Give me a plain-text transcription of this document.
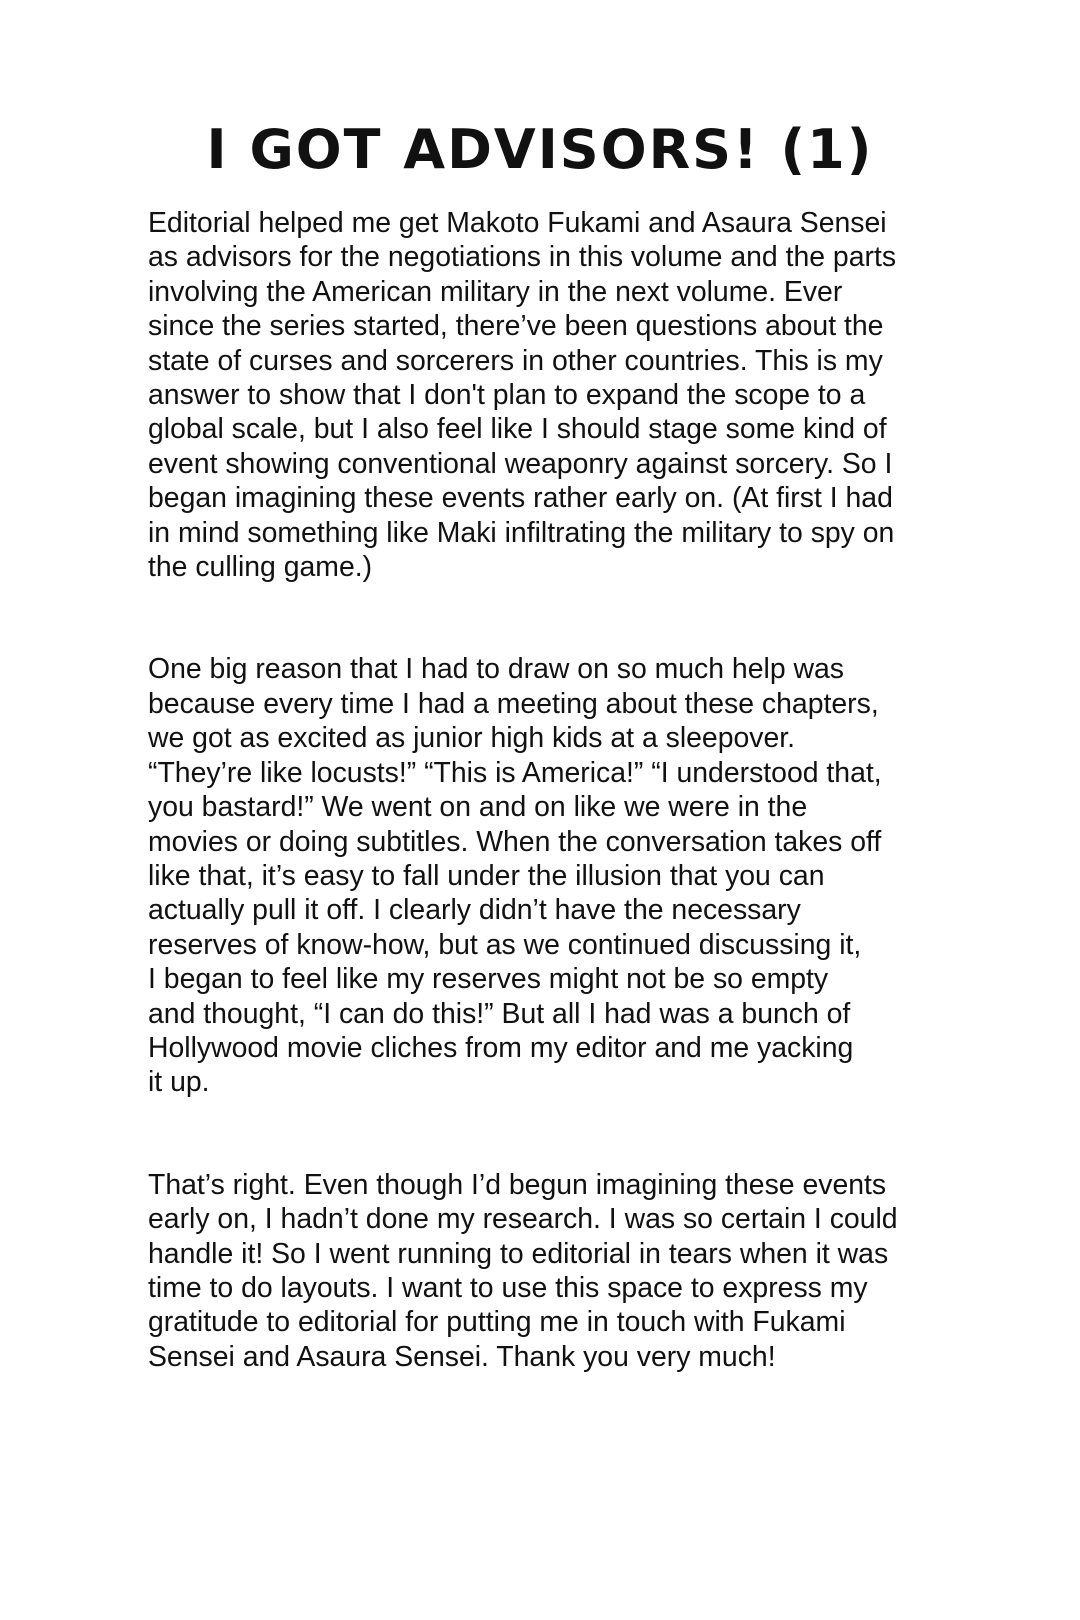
I GOT ADVISORS! (1)

Editorial helped me get Makoto Fukami and Asaura Sensei
as advisors for the negotiations in this volume and the parts
involving the American military in the next volume. Ever
since the series started, there’ve been questions about the
state of curses and sorcerers in other countries. This is my
answer to show that I don't plan to expand the scope to a
global scale, but I also feel like I should stage some kind of
event showing conventional weaponry against sorcery. So I
began imagining these events rather early on. (At first I had
in mind something like Maki infiltrating the military to spy on
the culling game.)

One big reason that I had to draw on so much help was
because every time I had a meeting about these chapters,
we got as excited as junior high kids at a sleepover.
“They’re like locusts!” “This is America!” “I understood that,
you bastard!” We went on and on like we were in the
movies or doing subtitles. When the conversation takes off
like that, it’s easy to fall under the illusion that you can
actually pull it off. I clearly didn’t have the necessary
reserves of know-how, but as we continued discussing it,
I began to feel like my reserves might not be so empty
and thought, “I can do this!” But all I had was a bunch of
Hollywood movie cliches from my editor and me yacking
it up.

That’s right. Even though I’d begun imagining these events
early on, I hadn’t done my research. I was so certain I could
handle it! So I went running to editorial in tears when it was
time to do layouts. I want to use this space to express my
gratitude to editorial for putting me in touch with Fukami
Sensei and Asaura Sensei. Thank you very much!
